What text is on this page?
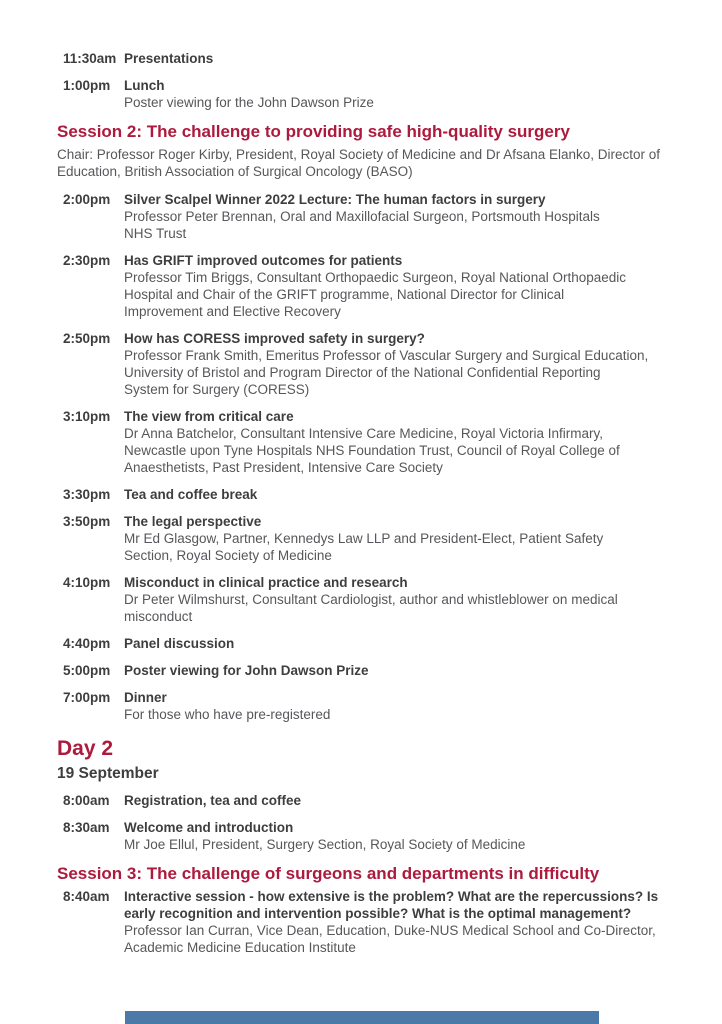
11:30am Presentations
1:00pm	Lunch
Poster viewing for the John Dawson Prize
Session 2: The challenge to providing safe high-quality surgery
Chair: Professor Roger Kirby, President, Royal Society of Medicine and Dr Afsana Elanko, Director of
Education, British Association of Surgical Oncology (BASO)
2:00pm	Silver Scalpel Winner 2022 Lecture: The human factors in surgery
Professor Peter Brennan, Oral and Maxillofacial Surgeon, Portsmouth Hospitals
NHS Trust
2:30pm	Has GRIFT improved outcomes for patients
Professor Tim Briggs, Consultant Orthopaedic Surgeon, Royal National Orthopaedic
Hospital and Chair of the GRIFT programme, National Director for Clinical
Improvement and Elective Recovery
2:50pm	How has CORESS improved safety in surgery?
Professor Frank Smith, Emeritus Professor of Vascular Surgery and Surgical Education,
University of Bristol and Program Director of the National Confidential Reporting
System for Surgery (CORESS)
3:10pm	The view from critical care
Dr Anna Batchelor, Consultant Intensive Care Medicine, Royal Victoria Infirmary,
Newcastle upon Tyne Hospitals NHS Foundation Trust, Council of Royal College of
Anaesthetists, Past President, Intensive Care Society
3:30pm	Tea and coffee break
3:50pm	The legal perspective
Mr Ed Glasgow, Partner, Kennedys Law LLP and President-Elect, Patient Safety
Section, Royal Society of Medicine
4:10pm	Misconduct in clinical practice and research
Dr Peter Wilmshurst, Consultant Cardiologist, author and whistleblower on medical
misconduct
4:40pm	Panel discussion
5:00pm	Poster viewing for John Dawson Prize
7:00pm	Dinner
For those who have pre-registered
Day 2
19 September
8:00am	Registration, tea and coffee
8:30am	Welcome and introduction
Mr Joe Ellul, President, Surgery Section, Royal Society of Medicine
Session 3: The challenge of surgeons and departments in difficulty
8:40am	Interactive session - how extensive is the problem? What are the repercussions? Is
early recognition and intervention possible? What is the optimal management?
Professor Ian Curran, Vice Dean, Education, Duke-NUS Medical School and Co-Director,
Academic Medicine Education Institute
